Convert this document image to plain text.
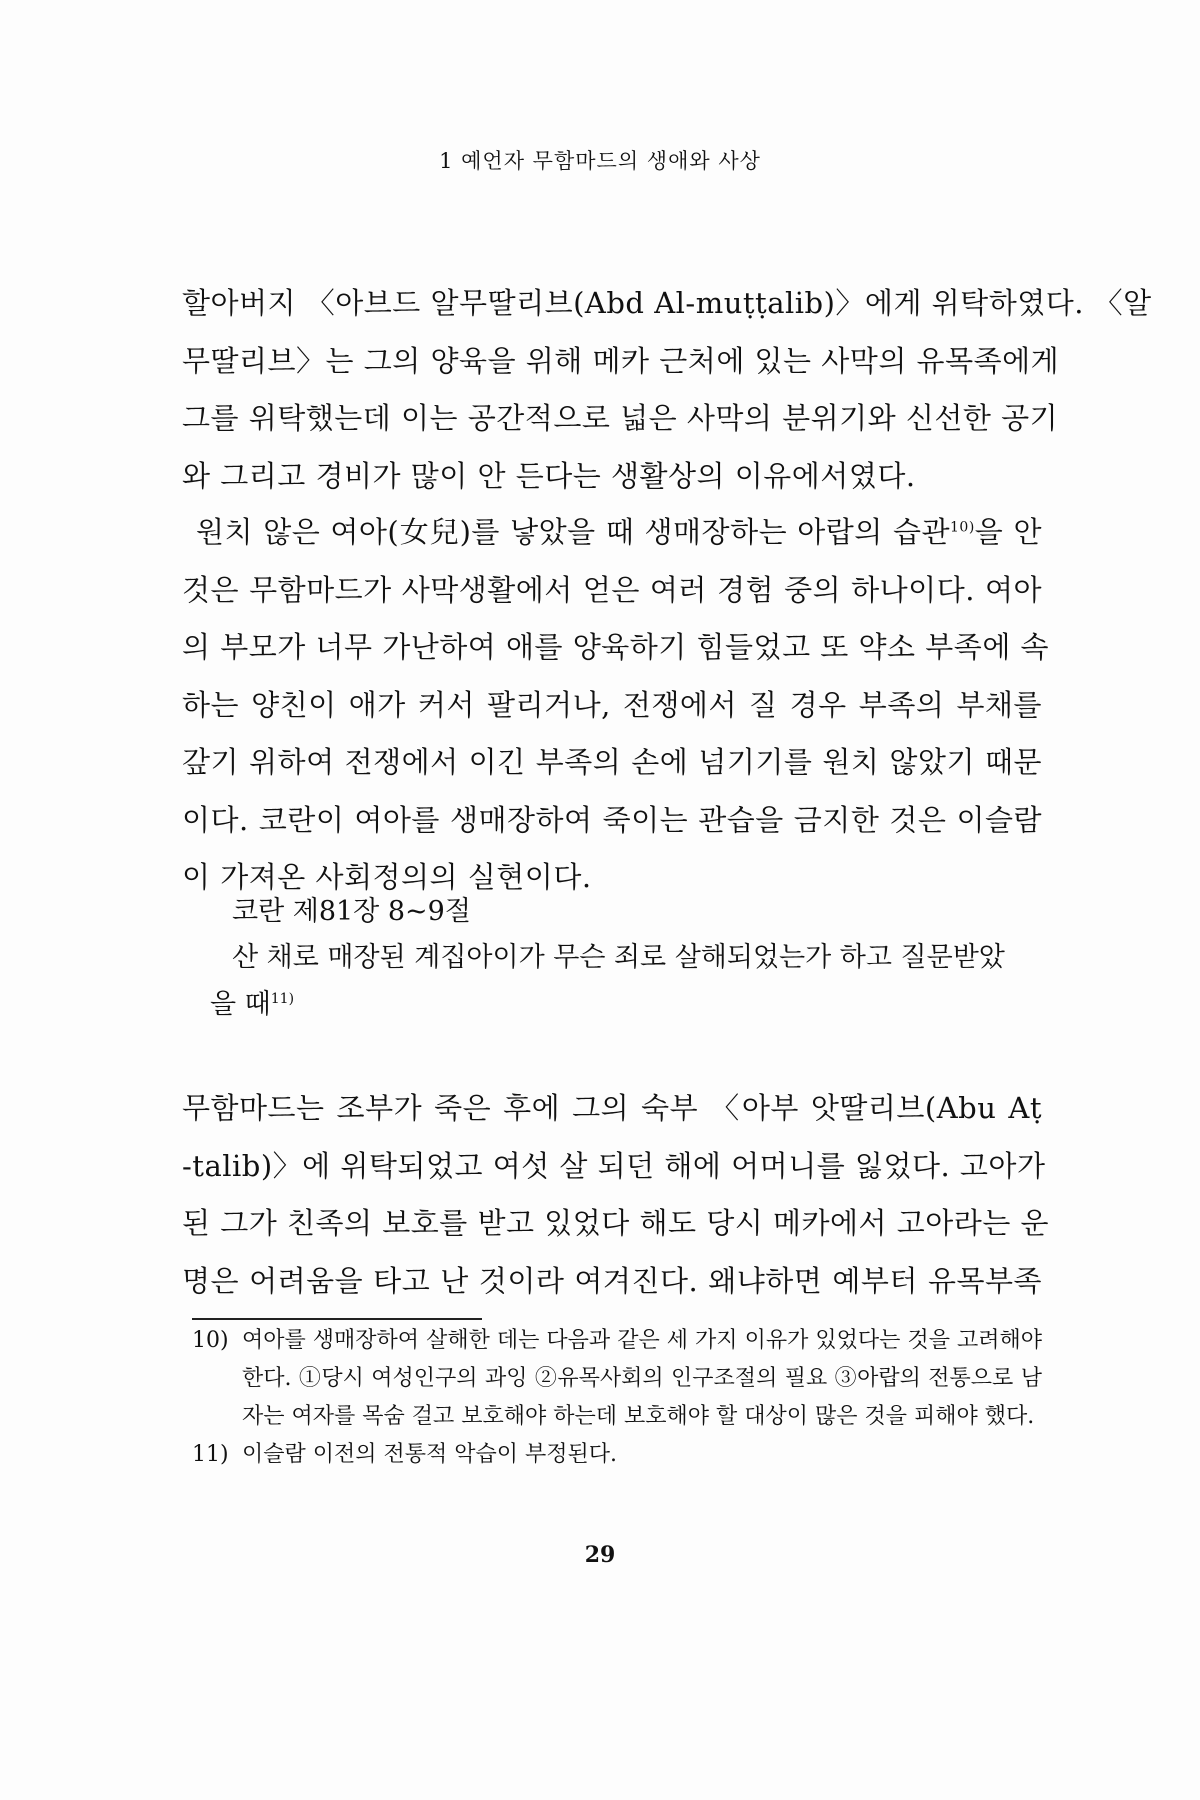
1 예언자 무함마드의 생애와 사상
할아버지 〈아브드 알무딸리브(Abd Al-muṭṭalib)〉에게 위탁하였다. 〈알
무딸리브〉는 그의 양육을 위해 메카 근처에 있는 사막의 유목족에게
그를 위탁했는데 이는 공간적으로 넓은 사막의 분위기와 신선한 공기
와 그리고 경비가 많이 안 든다는 생활상의 이유에서였다.
원치 않은 여아(女兒)를 낳았을 때 생매장하는 아랍의 습관$^{10)}$을 안
것은 무함마드가 사막생활에서 얻은 여러 경험 중의 하나이다. 여아
의 부모가 너무 가난하여 애를 양육하기 힘들었고 또 약소 부족에 속
하는 양친이 애가 커서 팔리거나, 전쟁에서 질 경우 부족의 부채를
갚기 위하여 전쟁에서 이긴 부족의 손에 넘기기를 원치 않았기 때문
이다. 코란이 여아를 생매장하여 죽이는 관습을 금지한 것은 이슬람
이 가져온 사회정의의 실현이다.
코란 제81장 8~9절
산 채로 매장된 계집아이가 무슨 죄로 살해되었는가 하고 질문받았
을 때$^{11)}$
무함마드는 조부가 죽은 후에 그의 숙부 〈아부 앗딸리브(Abu Aṭ
-talib)〉에 위탁되었고 여섯 살 되던 해에 어머니를 잃었다. 고아가
된 그가 친족의 보호를 받고 있었다 해도 당시 메카에서 고아라는 운
명은 어려움을 타고 난 것이라 여겨진다. 왜냐하면 예부터 유목부족
10) 여아를 생매장하여 살해한 데는 다음과 같은 세 가지 이유가 있었다는 것을 고려해야 한다. ①당시 여성인구의 과잉 ②유목사회의 인구조절의 필요 ③아랍의 전통으로 남자는 여자를 목숨 걸고 보호해야 하는데 보호해야 할 대상이 많은 것을 피해야 했다.
11) 이슬람 이전의 전통적 악습이 부정된다.
29
